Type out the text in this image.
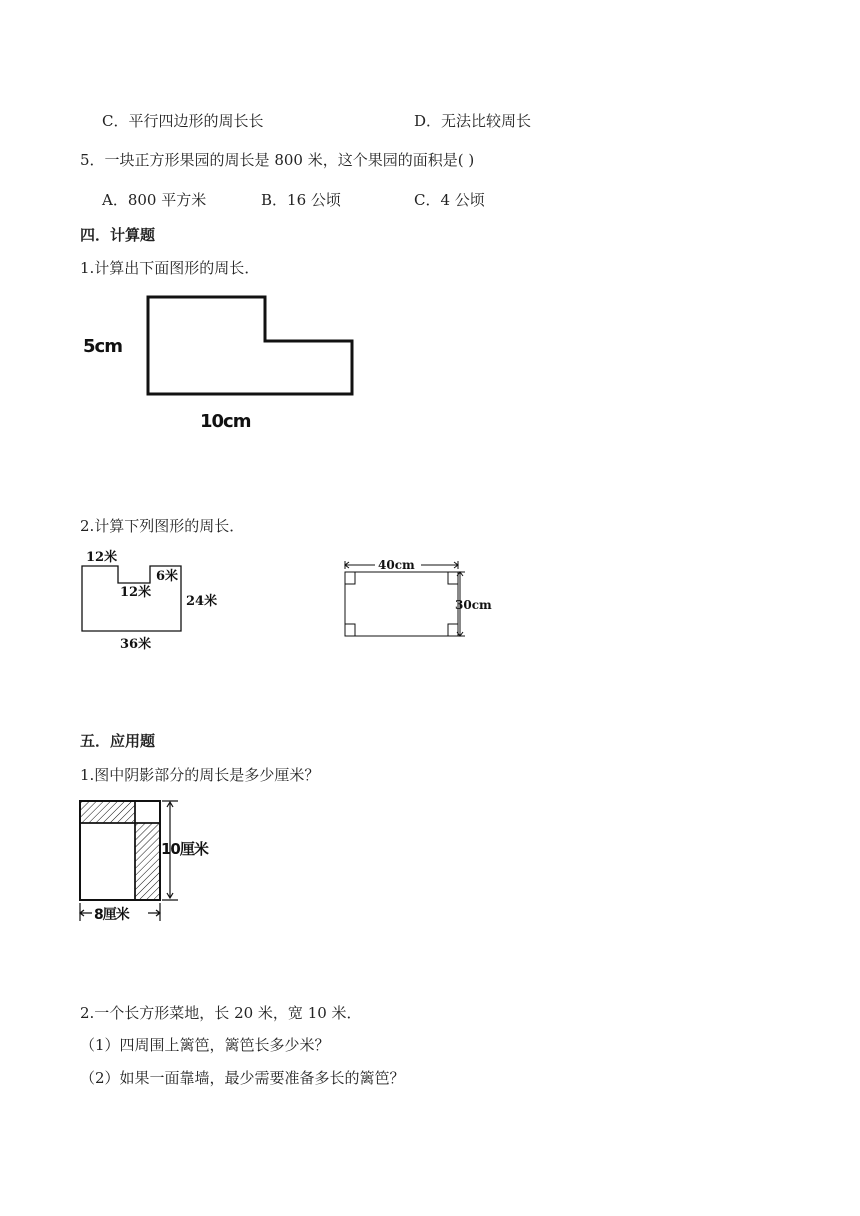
C．平行四边形的周长长	D．无法比较周长
5．一块正方形果园的周长是 800 米，这个果园的面积是( )
A．800 平方米	B．16 公顷	C．4 公顷
四．计算题
1.计算出下面图形的周长．
5cm
10cm
2.计算下列图形的周长．
12米
6米
12米
24米
36米
40cm
30cm
五．应用题
1.图中阴影部分的周长是多少厘米？
10厘米
8厘米
2.一个长方形菜地，长 20 米，宽 10 米．
（1）四周围上篱笆，篱笆长多少米？
（2）如果一面靠墙，最少需要准备多长的篱笆？
